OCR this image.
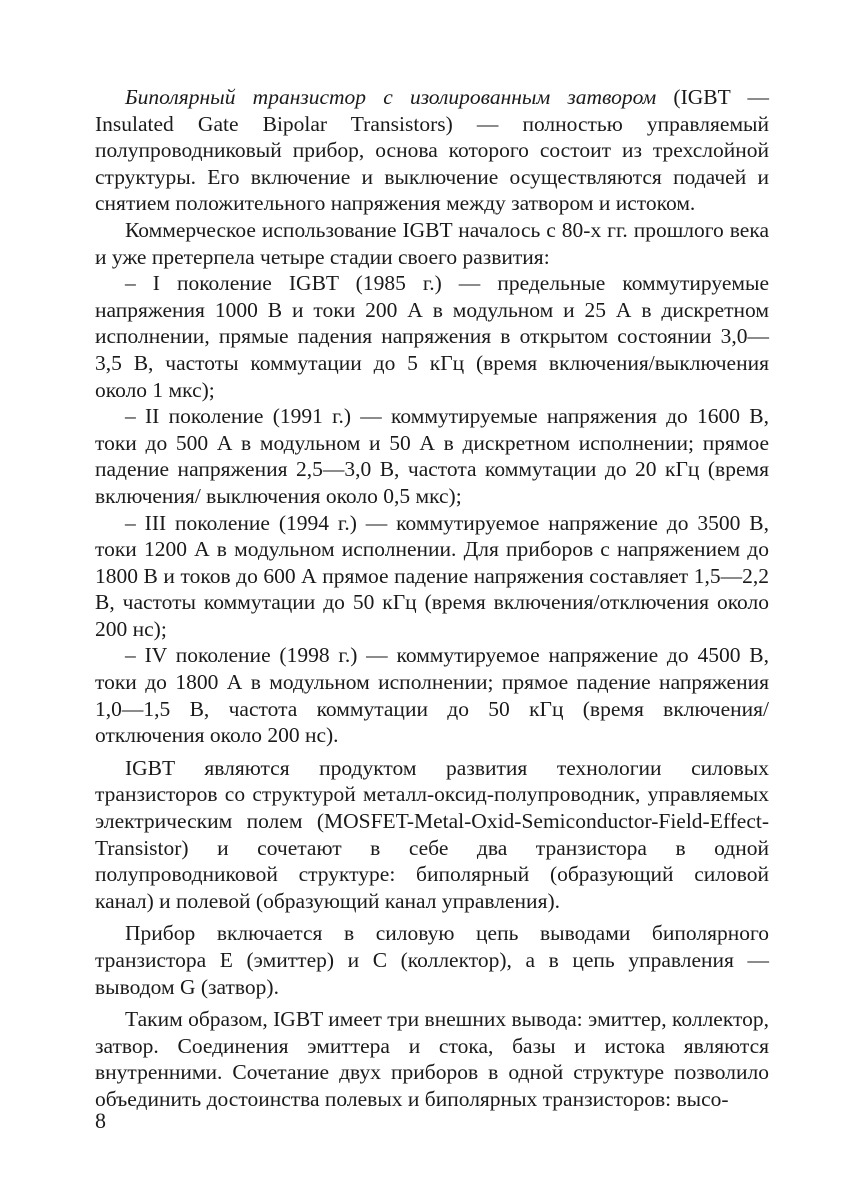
Биполярный транзистор с изолированным затвором (IGBT — Insulated Gate Bipolar Transistors) — полностью управляемый полупроводниковый прибор, основа которого состоит из трехслойной структуры. Его включение и выключение осуществляются подачей и снятием положительного напряжения между затвором и истоком.

Коммерческое использование IGBT началось с 80-х гг. прошлого века и уже претерпела четыре стадии своего развития:

– I поколение IGBT (1985 г.) — предельные коммутируемые напряжения 1000 В и токи 200 А в модульном и 25 А в дискретном исполнении, прямые падения напряжения в открытом состоянии 3,0—3,5 В, частоты коммутации до 5 кГц (время включения/выключения около 1 мкс);

– II поколение (1991 г.) — коммутируемые напряжения до 1600 В, токи до 500 А в модульном и 50 А в дискретном исполнении; прямое падение напряжения 2,5—3,0 В, частота коммутации до 20 кГц (время включения/ выключения около 0,5 мкс);

– III поколение (1994 г.) — коммутируемое напряжение до 3500 В, токи 1200 А в модульном исполнении. Для приборов с напряжением до 1800 В и токов до 600 А прямое падение напряжения составляет 1,5—2,2 В, частоты коммутации до 50 кГц (время включения/отключения около 200 нс);

– IV поколение (1998 г.) — коммутируемое напряжение до 4500 В, токи до 1800 А в модульном исполнении; прямое падение напряжения 1,0—1,5 В, частота коммутации до 50 кГц (время включения/ отключения около 200 нс).

IGBT являются продуктом развития технологии силовых транзисторов со структурой металл-оксид-полупроводник, управляемых электрическим полем (MOSFET-Metal-Oxid-Semiconductor-Field-Effect-Transistor) и сочетают в себе два транзистора в одной полупроводниковой структуре: биполярный (образующий силовой канал) и полевой (образующий канал управления).

Прибор включается в силовую цепь выводами биполярного транзистора Е (эмиттер) и С (коллектор), а в цепь управления — выводом G (затвор).

Таким образом, IGBT имеет три внешних вывода: эмиттер, коллектор, затвор. Соединения эмиттера и стока, базы и истока являются внутренними. Сочетание двух приборов в одной структуре позволило объединить достоинства полевых и биполярных транзисторов: высо-

8
